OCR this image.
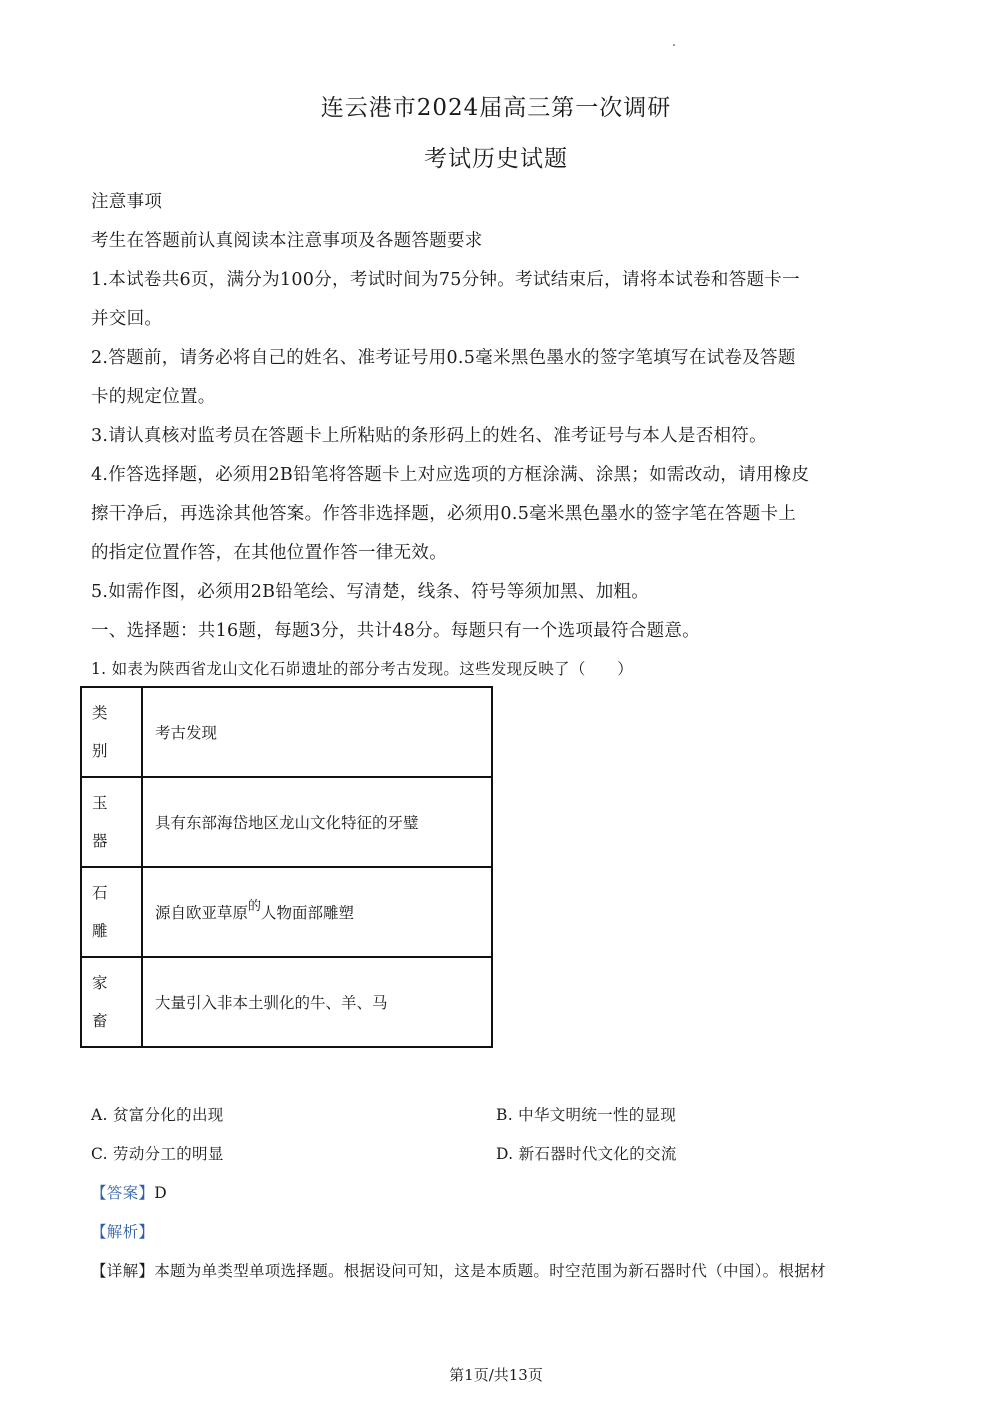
连云港市2024届高三第一次调研
考试历史试题
注意事项
考生在答题前认真阅读本注意事项及各题答题要求
1.本试卷共6页，满分为100分，考试时间为75分钟。考试结束后，请将本试卷和答题卡一
并交回。
2.答题前，请务必将自己的姓名、准考证号用0.5毫米黑色墨水的签字笔填写在试卷及答题
卡的规定位置。
3.请认真核对监考员在答题卡上所粘贴的条形码上的姓名、准考证号与本人是否相符。
4.作答选择题，必须用2B铅笔将答题卡上对应选项的方框涂满、涂黑；如需改动，请用橡皮
擦干净后，再选涂其他答案。作答非选择题，必须用0.5毫米黑色墨水的签字笔在答题卡上
的指定位置作答，在其他位置作答一律无效。
5.如需作图，必须用2B铅笔绘、写清楚，线条、符号等须加黑、加粗。
一、选择题：共16题，每题3分，共计48分。每题只有一个选项最符合题意。
1. 如表为陕西省龙山文化石峁遗址的部分考古发现。这些发现反映了（　　）
类
别	考古发现

玉
器	具有东部海岱地区龙山文化特征的牙璧

石
雕	源自欧亚草原$^的$人物面部雕塑

家
畜	大量引入非本土驯化的牛、羊、马
A. 贫富分化的出现	B. 中华文明统一性的显现
C. 劳动分工的明显	D. 新石器时代文化的交流
【答案】D
【解析】
【详解】本题为单类型单项选择题。根据设问可知，这是本质题。时空范围为新石器时代（中国）。根据材
第1页/共13页
